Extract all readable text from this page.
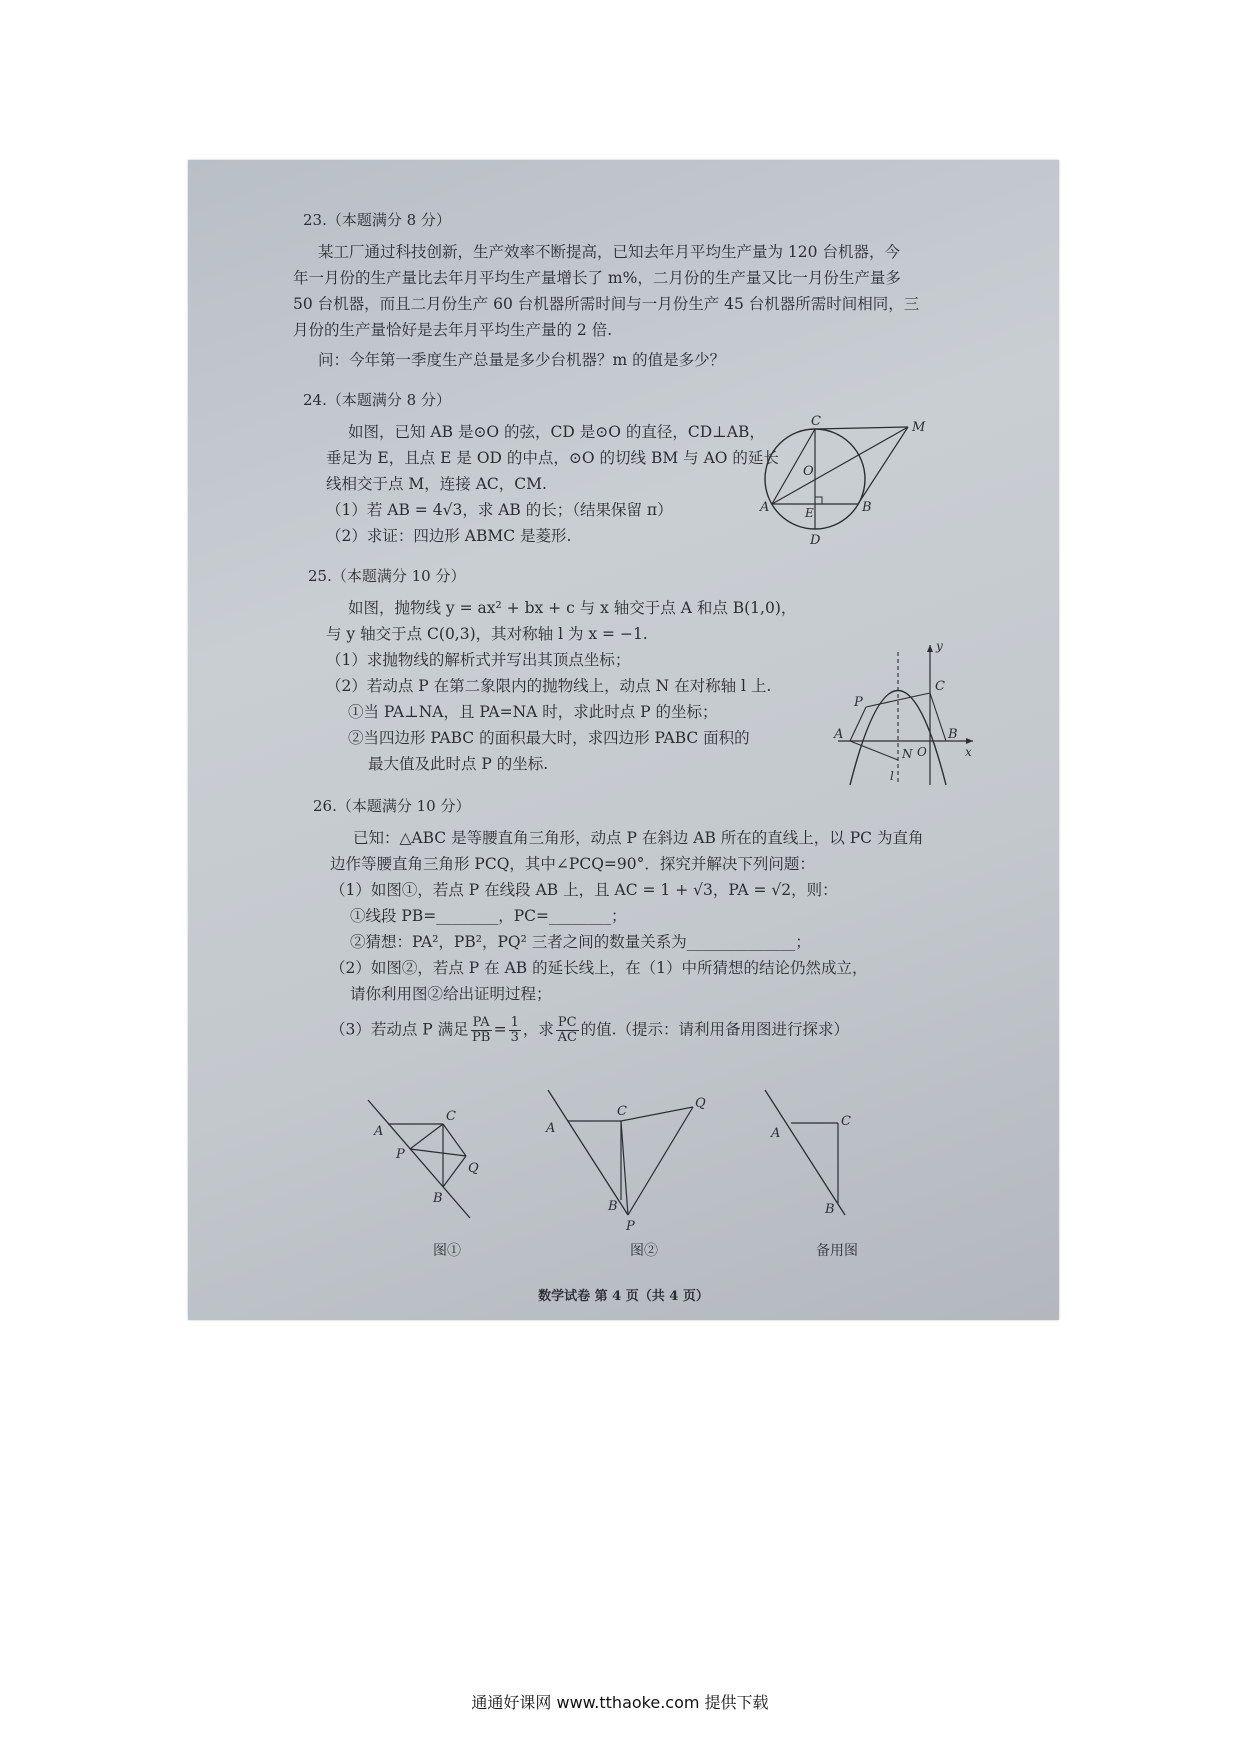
23.（本题满分 8 分）
某工厂通过科技创新，生产效率不断提高，已知去年月平均生产量为 120 台机器，今
年一月份的生产量比去年月平均生产量增长了 m%，二月份的生产量又比一月份生产量多
50 台机器，而且二月份生产 60 台机器所需时间与一月份生产 45 台机器所需时间相同，三
月份的生产量恰好是去年月平均生产量的 2 倍.
问：今年第一季度生产总量是多少台机器？m 的值是多少？
24.（本题满分 8 分）
如图，已知 AB 是⊙O 的弦，CD 是⊙O 的直径，CD⊥AB，
垂足为 E，且点 E 是 OD 的中点，⊙O 的切线 BM 与 AO 的延长
线相交于点 M，连接 AC，CM.
（1）若 AB = 4√3，求 AB 的长；（结果保留 π）
（2）求证：四边形 ABMC 是菱形.
C	M
O
A	E	B
D
25.（本题满分 10 分）
如图，抛物线 y = ax² + bx + c 与 x 轴交于点 A 和点 B(1,0)，
与 y 轴交于点 C(0,3)，其对称轴 l 为 x = −1.
（1）求抛物线的解析式并写出其顶点坐标；
（2）若动点 P 在第二象限内的抛物线上，动点 N 在对称轴 l 上.
①当 PA⊥NA，且 PA=NA 时，求此时点 P 的坐标；
②当四边形 PABC 的面积最大时，求四边形 PABC 面积的
最大值及此时点 P 的坐标.
y
C
P
A
O
B
x
N
l
26.（本题满分 10 分）
已知：△ABC 是等腰直角三角形，动点 P 在斜边 AB 所在的直线上，以 PC 为直角
边作等腰直角三角形 PCQ，其中∠PCQ=90°．探究并解决下列问题：
（1）如图①，若点 P 在线段 AB 上，且 AC = 1 + √3，PA = √2，则：
①线段 PB=________，PC=________；
②猜想：PA²，PB²，PQ² 三者之间的数量关系为______________；
（2）如图②，若点 P 在 AB 的延长线上，在（1）中所猜想的结论仍然成立，
请你利用图②给出证明过程；
（3）若动点 P 满足 $\frac{PA}{PB} = \frac{1}{3}$ ，求 $\frac{PC}{AC}$ 的值.（提示：请利用备用图进行探求）
C
A
P
Q
B
图①
C
Q
A
B
P
图②
A
C
B
备用图
数学试卷 第 4 页（共 4 页）
通通好课网 www.tthaoke.com 提供下载
